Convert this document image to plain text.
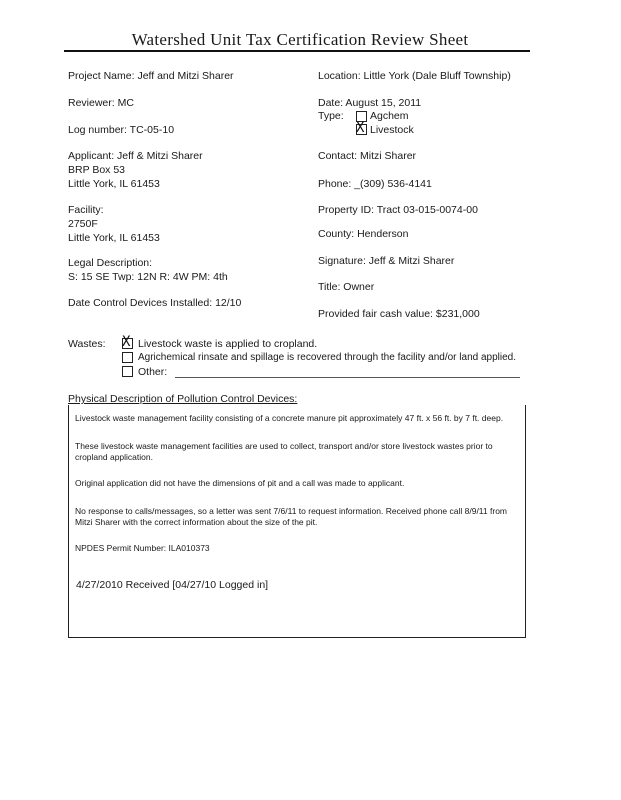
Watershed Unit Tax Certification Review Sheet
Project Name: Jeff and Mitzi Sharer
Reviewer: MC
Log number: TC-05-10
Applicant: Jeff & Mitzi Sharer
BRP Box 53
Little York, IL 61453
Facility:
2750F
Little York, IL 61453
Legal Description:
S: 15 SE Twp: 12N R: 4W PM: 4th
Date Control Devices Installed: 12/10
Location: Little York (Dale Bluff Township)
Date: August 15, 2011
Type:	Agchem
X Livestock
Contact: Mitzi Sharer
Phone: _(309) 536-4141
Property ID: Tract 03-015-0074-00
County: Henderson
Signature: Jeff & Mitzi Sharer
Title: Owner
Provided fair cash value: $231,000
Wastes: X Livestock waste is applied to cropland.
Agrichemical rinsate and spillage is recovered through the facility and/or land applied.
Other:
Physical Description of Pollution Control Devices:
Livestock waste management facility consisting of a concrete manure pit approximately 47 ft. x 56 ft. by 7 ft. deep.
These livestock waste management facilities are used to collect, transport and/or store livestock wastes prior to cropland application.
Original application did not have the dimensions of pit and a call was made to applicant.
No response to calls/messages, so a letter was sent 7/6/11 to request information. Received phone call 8/9/11 from Mitzi Sharer with the correct information about the size of the pit.
NPDES Permit Number: ILA010373
4/27/2010 Received [04/27/10 Logged in]
